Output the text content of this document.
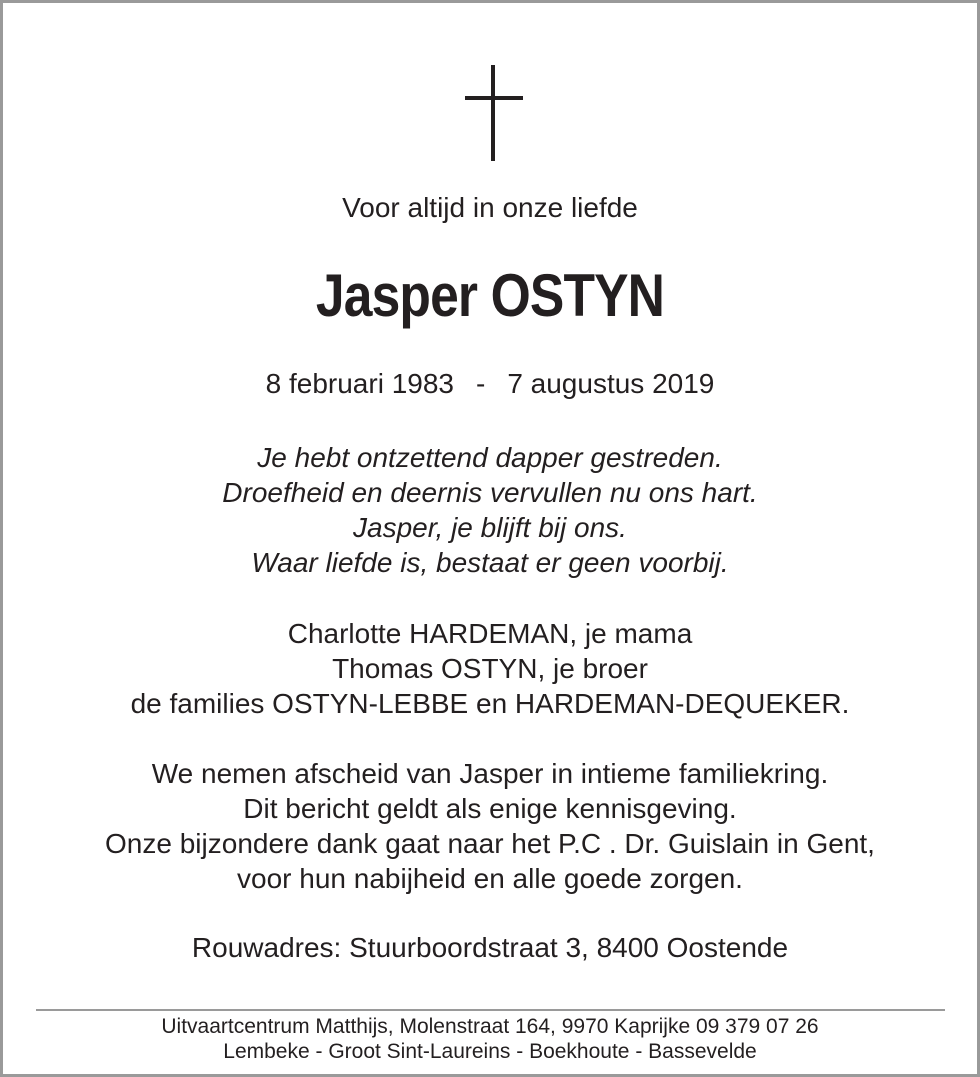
Voor altijd in onze liefde
Jasper OSTYN
8 februari 1983 - 7 augustus 2019
Je hebt ontzettend dapper gestreden.
Droefheid en deernis vervullen nu ons hart.
Jasper, je blijft bij ons.
Waar liefde is, bestaat er geen voorbij.
Charlotte HARDEMAN, je mama
Thomas OSTYN, je broer
de families OSTYN-LEBBE en HARDEMAN-DEQUEKER.
We nemen afscheid van Jasper in intieme familiekring.
Dit bericht geldt als enige kennisgeving.
Onze bijzondere dank gaat naar het P.C . Dr. Guislain in Gent,
voor hun nabijheid en alle goede zorgen.
Rouwadres: Stuurboordstraat 3, 8400 Oostende
Uitvaartcentrum Matthijs, Molenstraat 164, 9970 Kaprijke 09 379 07 26
Lembeke - Groot Sint-Laureins - Boekhoute - Bassevelde
